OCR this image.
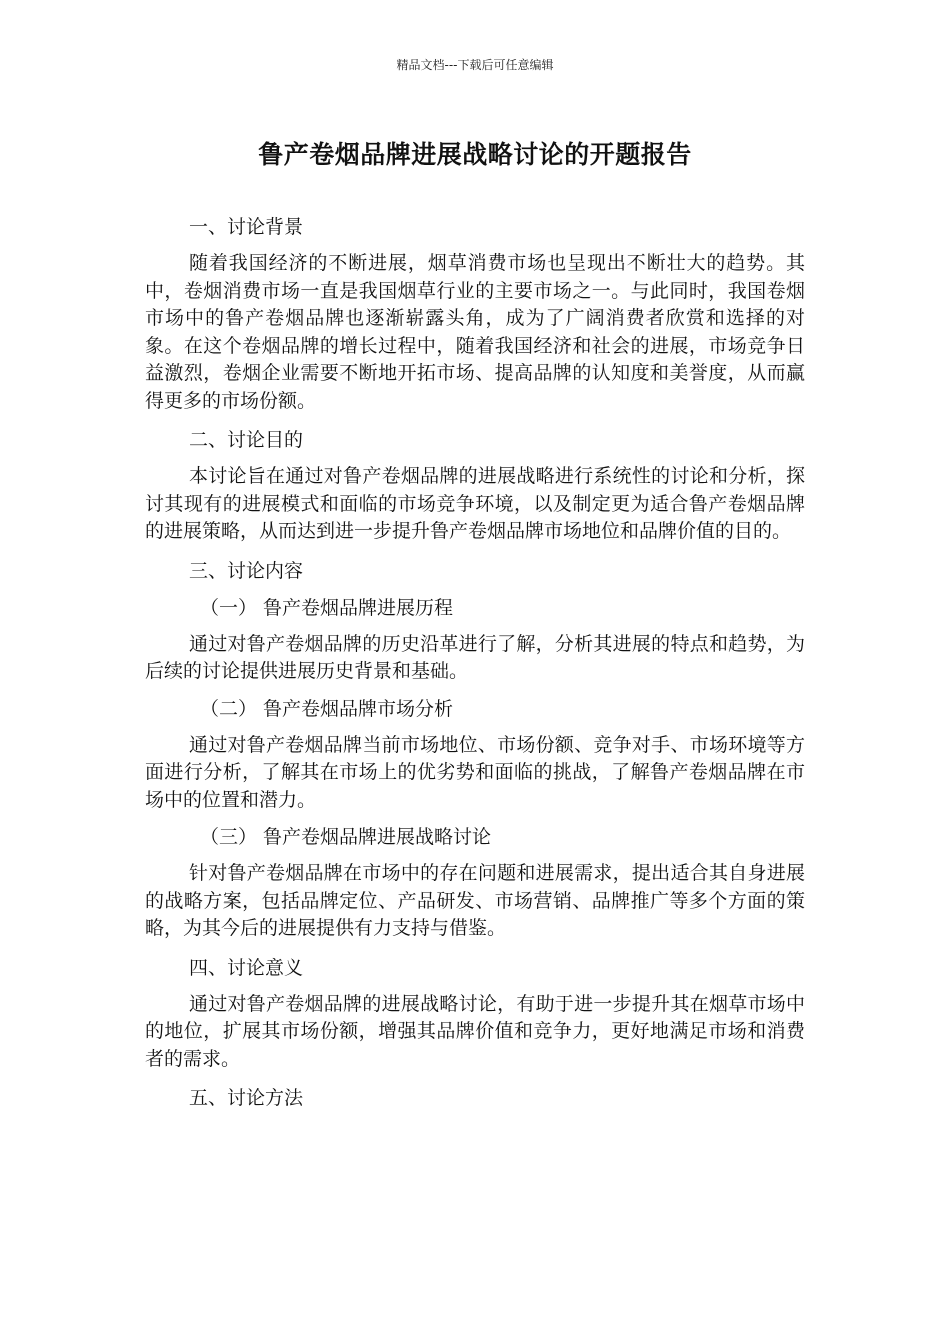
精品文档---下载后可任意编辑
鲁产卷烟品牌进展战略讨论的开题报告

一、讨论背景

随着我国经济的不断进展，烟草消费市场也呈现出不断壮大的趋势。其中，卷烟消费市场一直是我国烟草行业的主要市场之一。与此同时，我国卷烟市场中的鲁产卷烟品牌也逐渐崭露头角，成为了广阔消费者欣赏和选择的对象。在这个卷烟品牌的增长过程中，随着我国经济和社会的进展，市场竞争日益激烈，卷烟企业需要不断地开拓市场、提高品牌的认知度和美誉度，从而赢得更多的市场份额。

二、讨论目的

本讨论旨在通过对鲁产卷烟品牌的进展战略进行系统性的讨论和分析，探讨其现有的进展模式和面临的市场竞争环境，以及制定更为适合鲁产卷烟品牌的进展策略，从而达到进一步提升鲁产卷烟品牌市场地位和品牌价值的目的。

三、讨论内容

（一） 鲁产卷烟品牌进展历程

通过对鲁产卷烟品牌的历史沿革进行了解，分析其进展的特点和趋势，为后续的讨论提供进展历史背景和基础。

（二） 鲁产卷烟品牌市场分析

通过对鲁产卷烟品牌当前市场地位、市场份额、竞争对手、市场环境等方面进行分析，了解其在市场上的优劣势和面临的挑战，了解鲁产卷烟品牌在市场中的位置和潜力。

（三） 鲁产卷烟品牌进展战略讨论

针对鲁产卷烟品牌在市场中的存在问题和进展需求，提出适合其自身进展的战略方案，包括品牌定位、产品研发、市场营销、品牌推广等多个方面的策略，为其今后的进展提供有力支持与借鉴。

四、讨论意义

通过对鲁产卷烟品牌的进展战略讨论，有助于进一步提升其在烟草市场中的地位，扩展其市场份额，增强其品牌价值和竞争力，更好地满足市场和消费者的需求。

五、讨论方法
